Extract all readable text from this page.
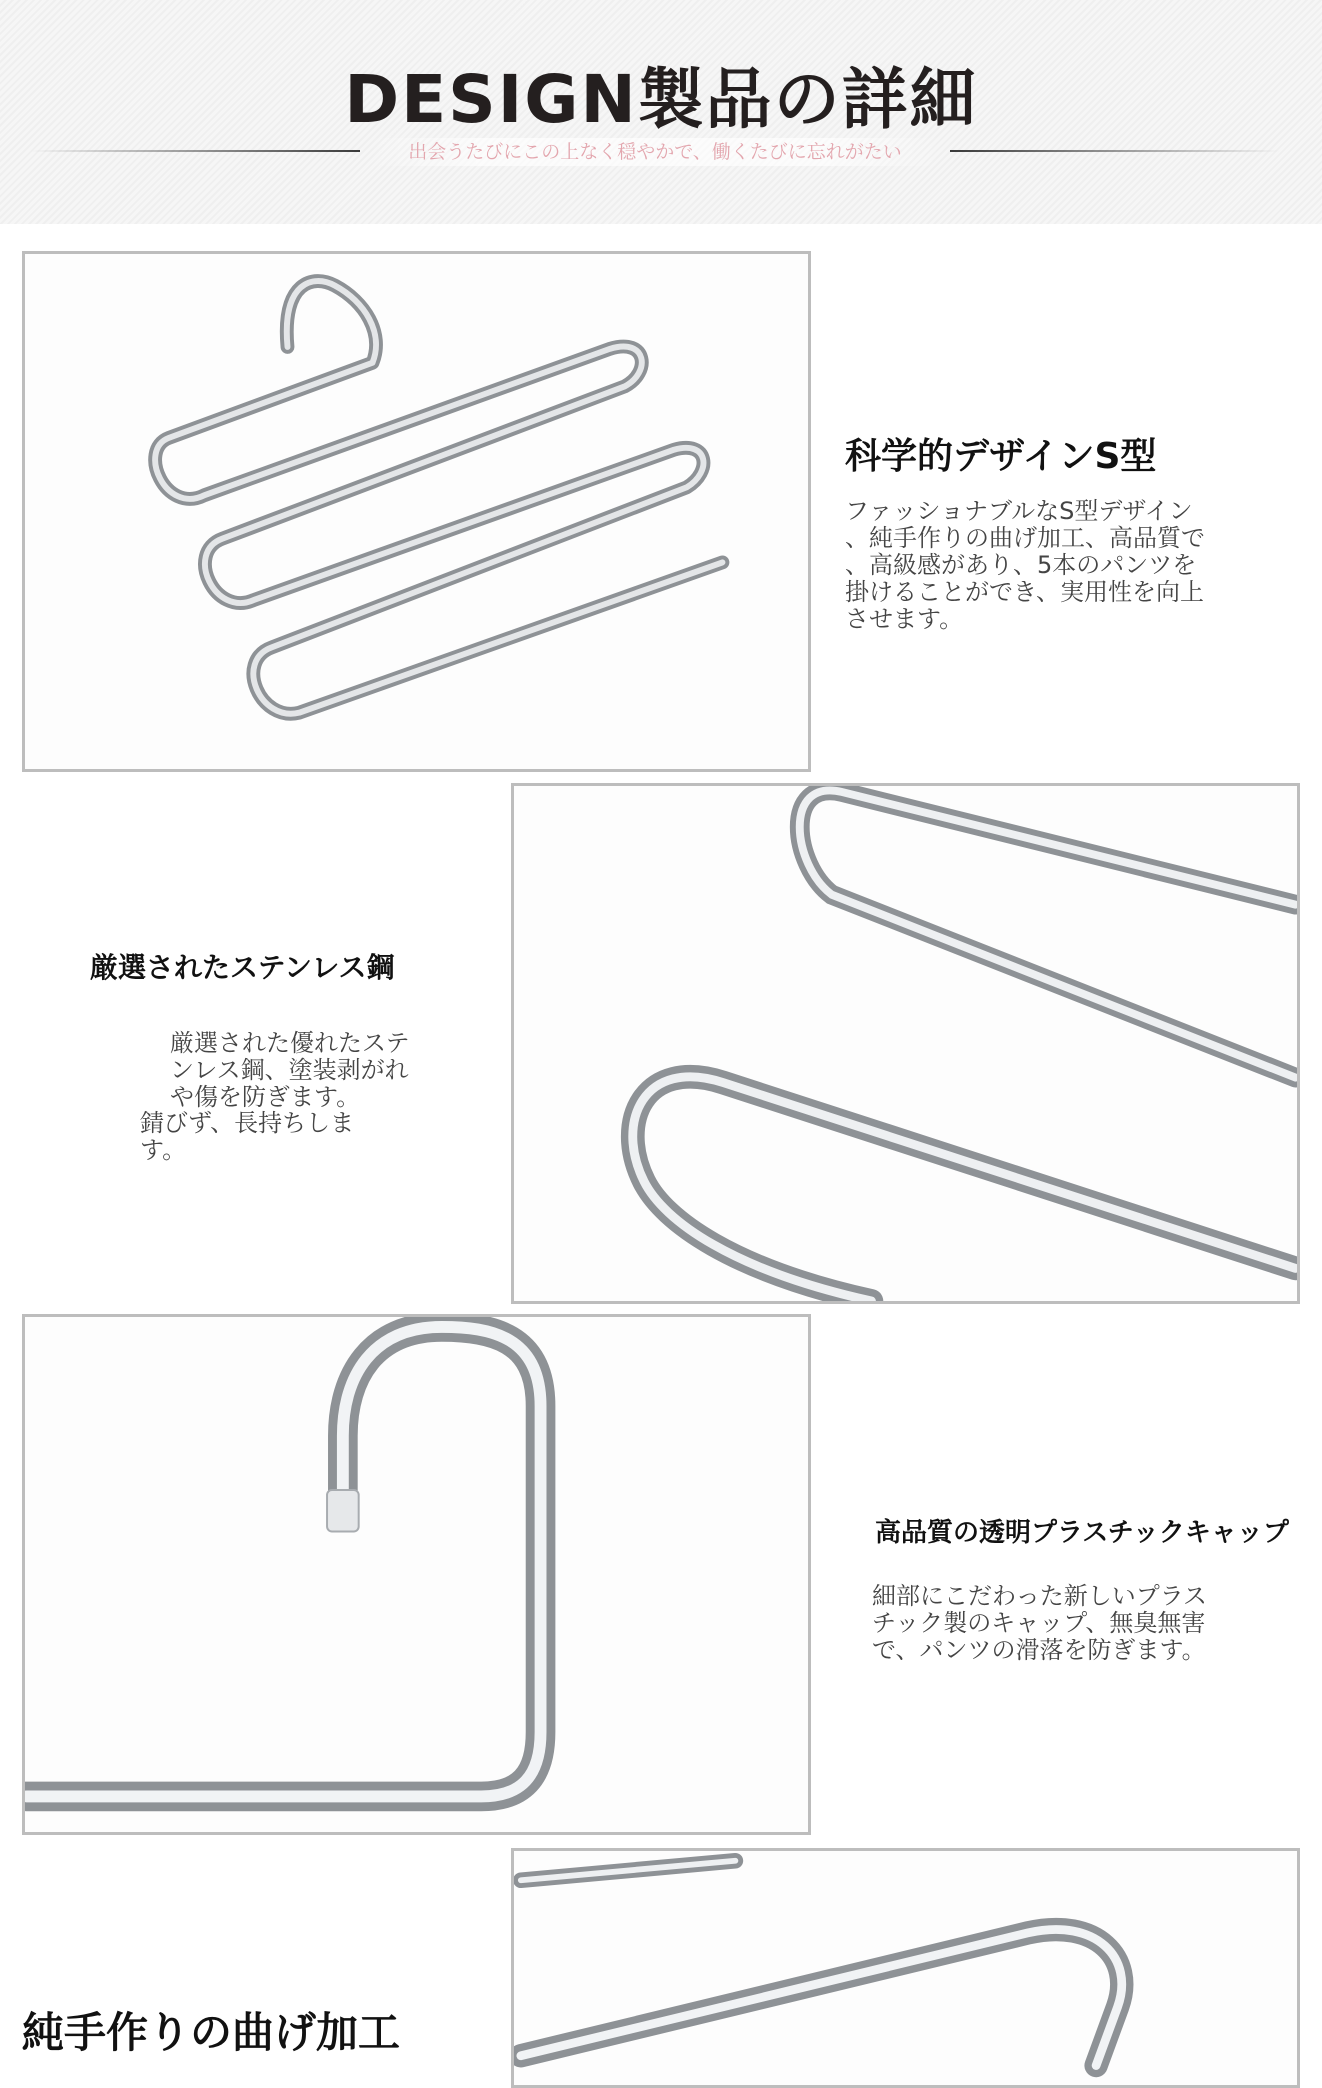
DESIGN製品の詳細
出会うたびにこの上なく穏やかで、働くたびに忘れがたい
科学的デザインS型
ファッショナブルなS型デザイン
、純手作りの曲げ加工、高品質で
、高級感があり、5本のパンツを
掛けることができ、実用性を向上
させます。
厳選されたステンレス鋼
厳選された優れたステ
ンレス鋼、塗装剥がれ
や傷を防ぎます。
錆びず、長持ちしま
す。
高品質の透明プラスチックキャップ
細部にこだわった新しいプラス
チック製のキャップ、無臭無害
で、パンツの滑落を防ぎます。
純手作りの曲げ加工
